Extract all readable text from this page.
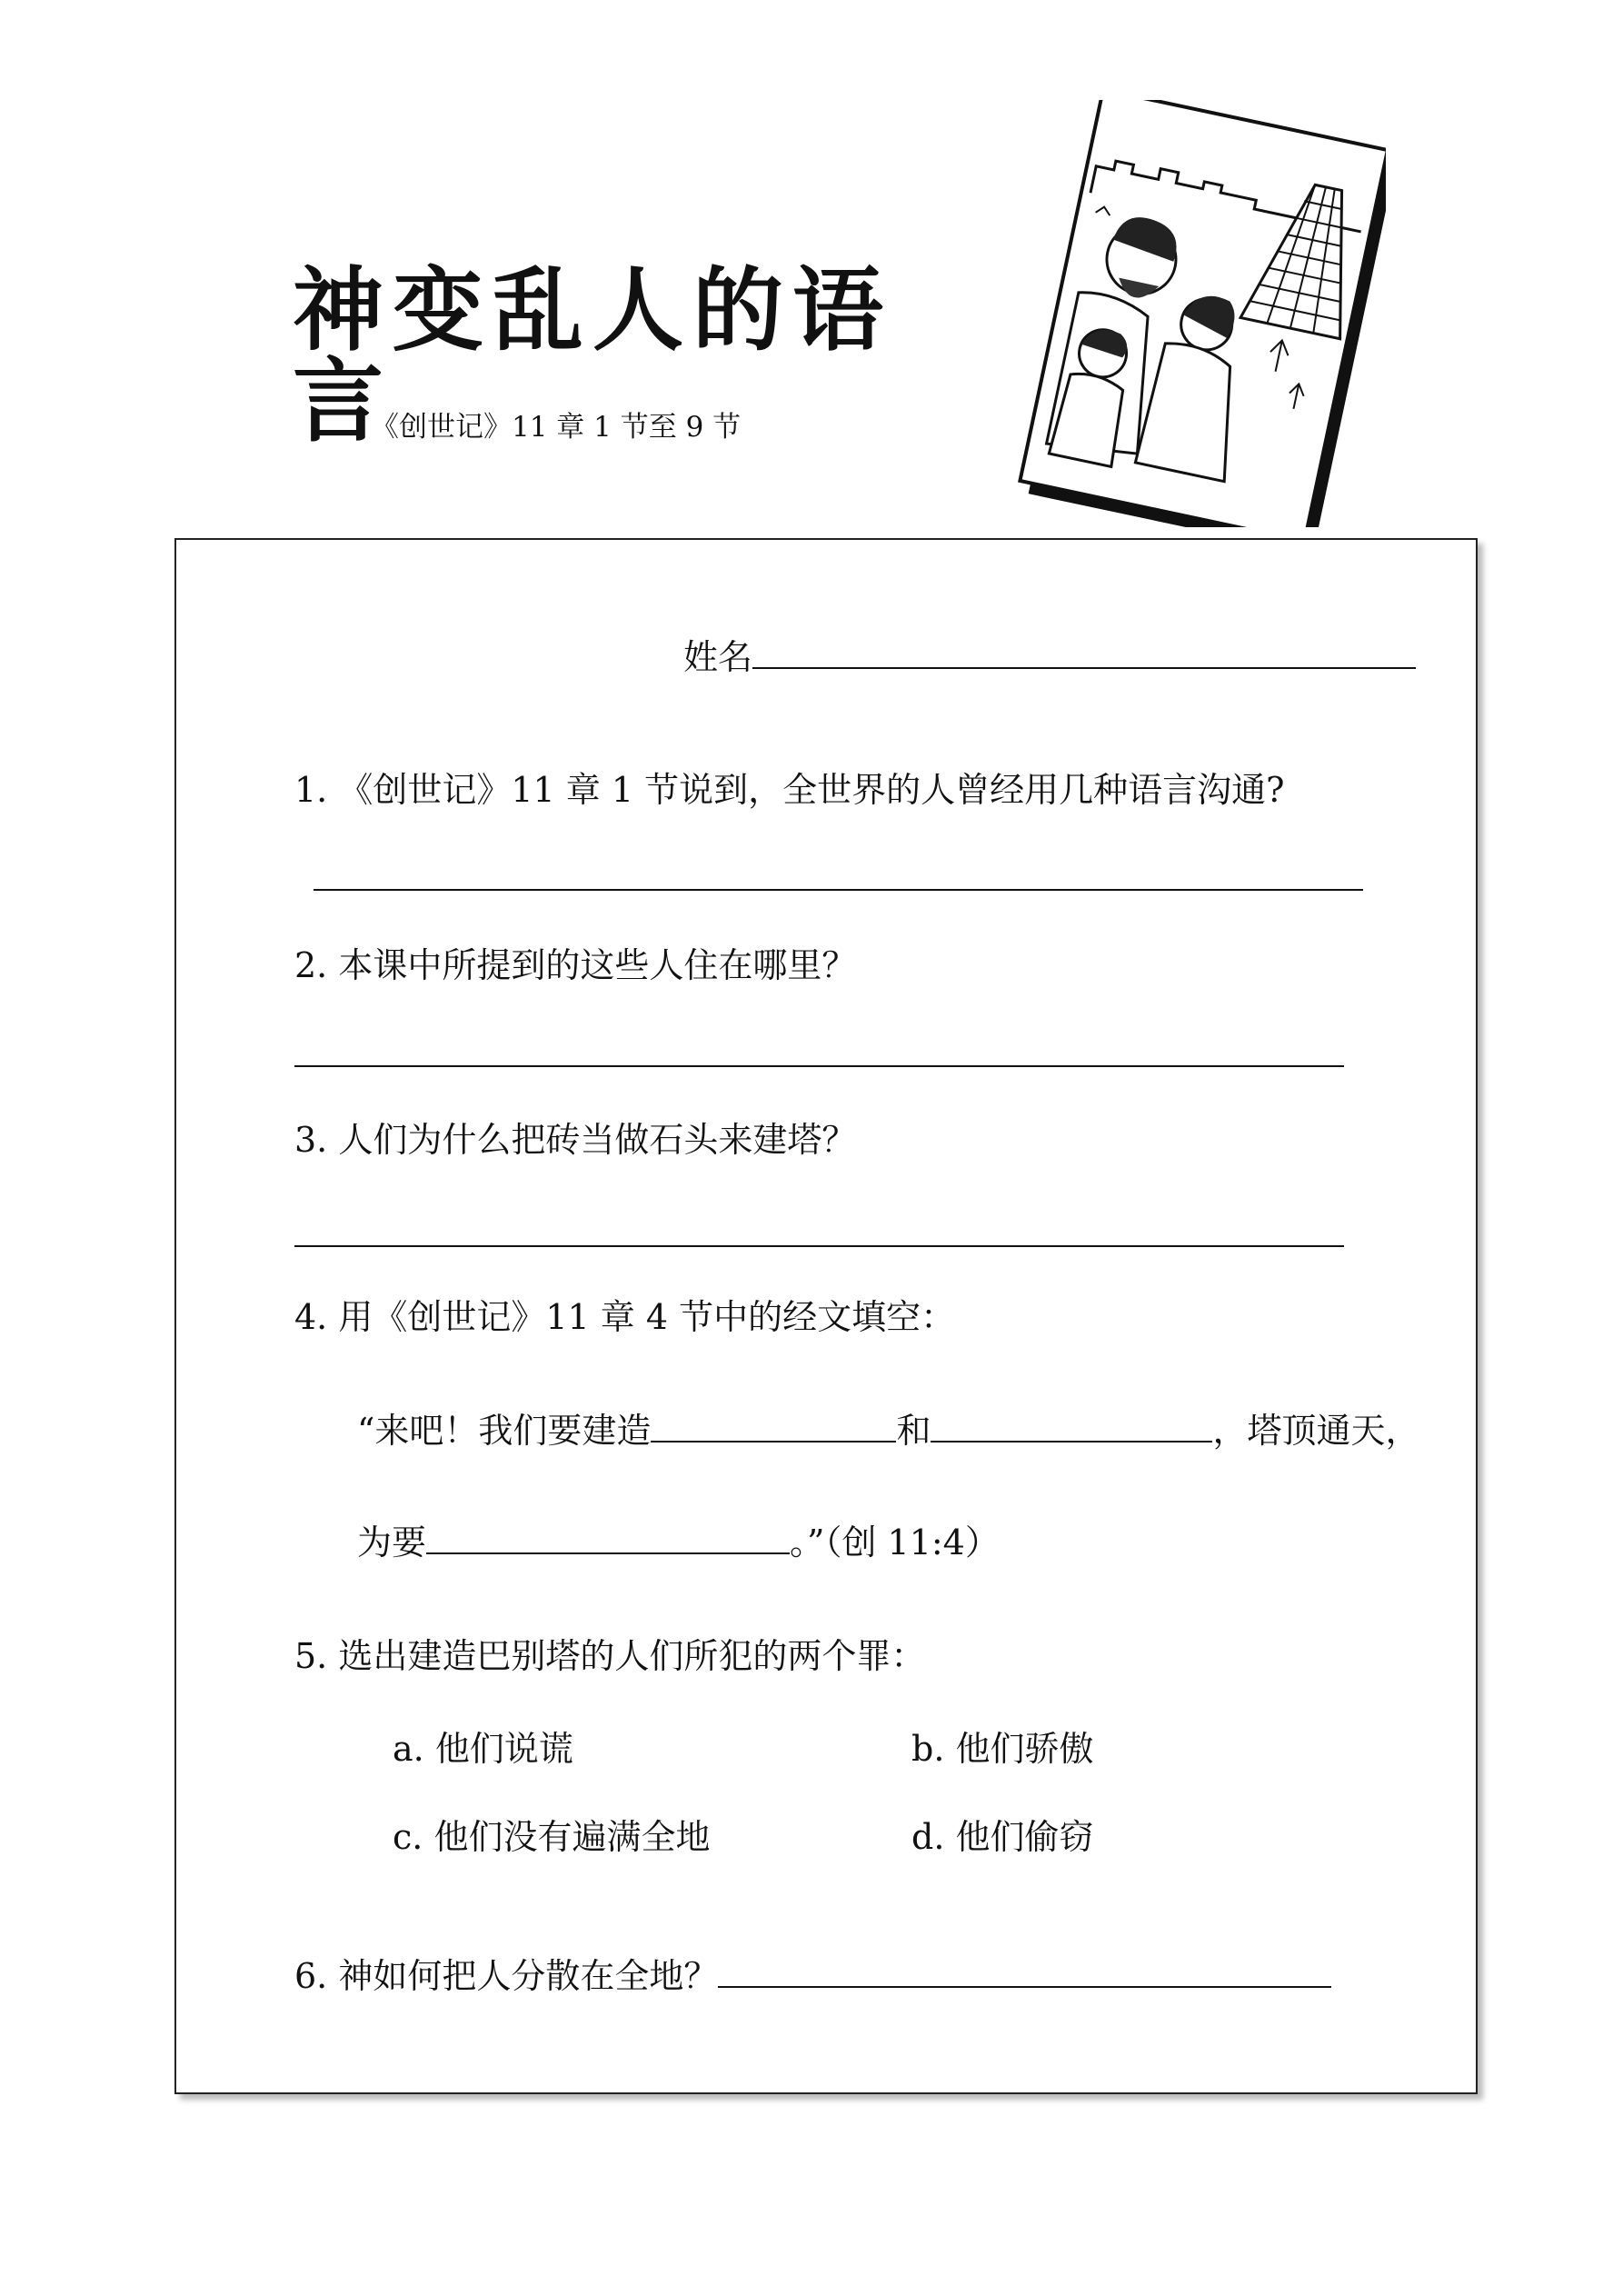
神变乱人的语言
《创世记》11 章 1 节至 9 节
姓名
1. 《创世记》11 章 1 节说到，全世界的人曾经用几种语言沟通?
2. 本课中所提到的这些人住在哪里？
3. 人们为什么把砖当做石头来建塔？
4. 用《创世记》11 章 4 节中的经文填空：
“来吧！我们要建造	和	，塔顶通天，
为要	。”（创 11:4）
5. 选出建造巴别塔的人们所犯的两个罪：
a. 他们说谎	b. 他们骄傲
c. 他们没有遍满全地	d. 他们偷窃
6. 神如何把人分散在全地？
